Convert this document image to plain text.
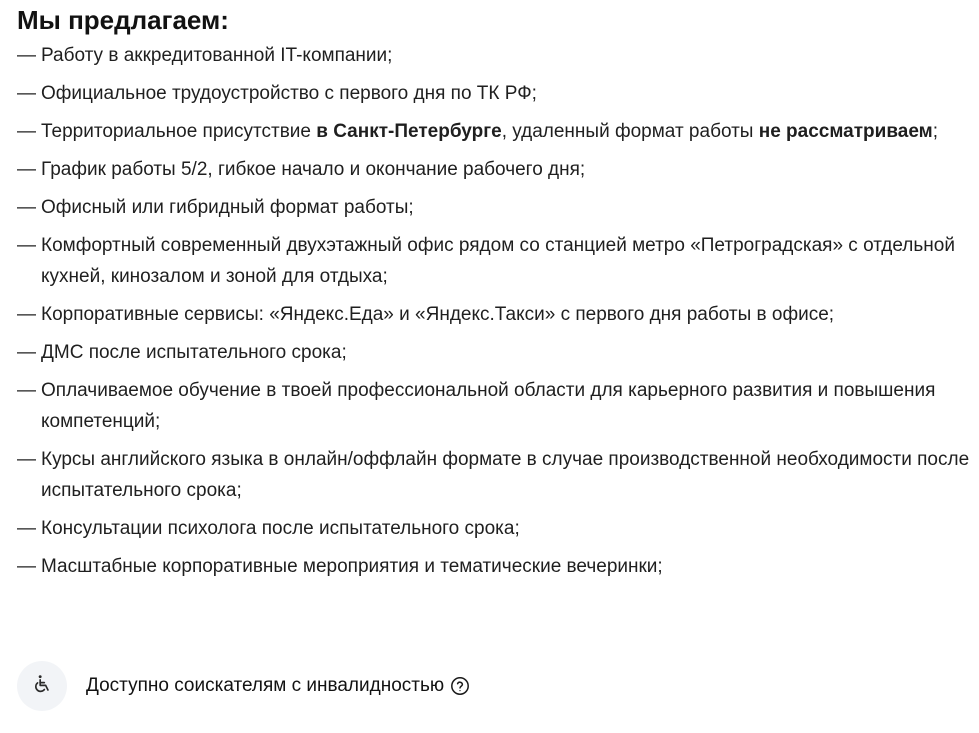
Мы предлагаем:
— Работу в аккредитованной IT-компании;
— Официальное трудоустройство с первого дня по ТК РФ;
— Территориальное присутствие в Санкт-Петербурге, удаленный формат работы не рассматриваем;
— График работы 5/2, гибкое начало и окончание рабочего дня;
— Офисный или гибридный формат работы;
— Комфортный современный двухэтажный офис рядом со станцией метро «Петроградская» с отдельной кухней, кинозалом и зоной для отдыха;
— Корпоративные сервисы: «Яндекс.Еда» и «Яндекс.Такси» с первого дня работы в офисе;
— ДМС после испытательного срока;
— Оплачиваемое обучение в твоей профессиональной области для карьерного развития и повышения компетенций;
— Курсы английского языка в онлайн/оффлайн формате в случае производственной необходимости после испытательного срока;
— Консультации психолога после испытательного срока;
— Масштабные корпоративные мероприятия и тематические вечеринки;
Доступно соискателям с инвалидностью
